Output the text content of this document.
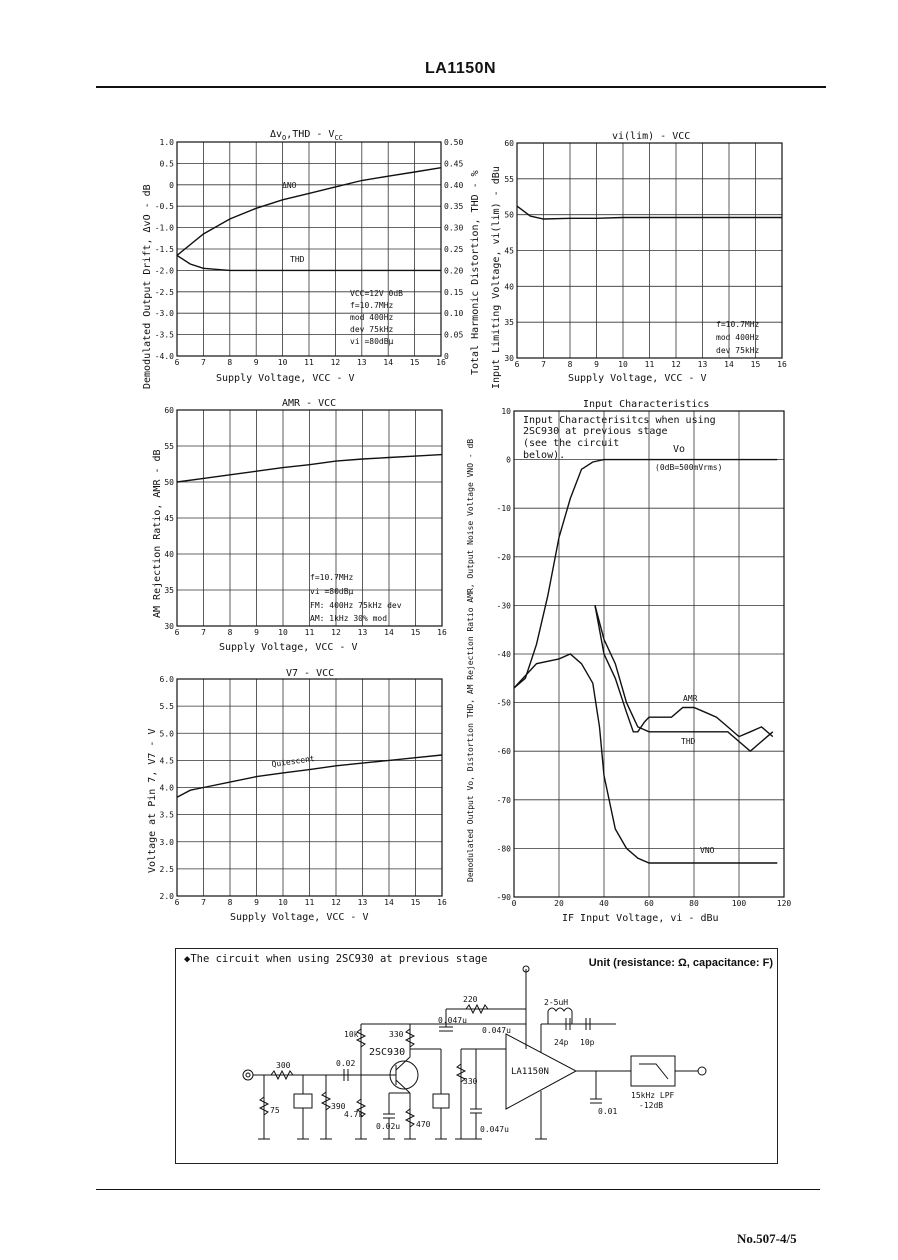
LA1150N
$\Delta v_O,THD - V_{CC}$
Demodulated Output Drift, ΔvO - dB	Total Harmonic Distortion, THD - %
Supply Voltage, VCC - V
ΔNO
THD
VCC=12V 0dB
f=10.7MHz
mod 400Hz
dev 75kHz
vi =80dBμ
6	7	8	9 10 11 12 13 14 15 16
1.0
0.5
0
-0.5
-1.0
-1.5
-2.0
-2.5
-3.0
-3.5
-4.0
0.50
0.45
0.40
0.35
0.30
0.25
0.20
0.15
0.10
0.05
0
vi(lim) - VCC
Input Limiting Voltage, vi(lim) - dBu	Supply Voltage, VCC - V
f=10.7MHz
mod 400Hz
dev 75kHz
6	7	8	9 10 11 12 13 14 15 16
60
55
50
45
40
35
30
AMR - VCC
AM Rejection Ratio, AMR - dB
Supply Voltage, VCC - V
f=10.7MHz
vi =80dBμ
FM: 400Hz 75kHz dev
AM: 1kHz 30% mod
6	7	8	9 10 11 12 13 14 15 16
60
55
50
45
40
35
30
V7 - VCC
Voltage at Pin 7, V7 - V
Supply Voltage, VCC - V
Quiescent
6	7	8	9 10 11 12 13 14 15 16
6.0
5.5
5.0
4.5
4.0
3.5
3.0
2.5
2.0
Input Characteristics
Demodulated Output Vo, Distortion THD, AM Rejection Ratio AMR, Output Noise Voltage VNO - dB
IF Input Voltage, vi - dBu
Input Characterisitcs when using
2SC930 at previous stage
(see the circuit
below).
Vo
(0dB=500mVrms)
AMR
THD
VNO
0	20	40	60	80	100	120
10
0
-10
-20
-30
-40
-50
-60
-70
-80
-90
◆The circuit when using 2SC930 at previous stage	Unit (resistance: Ω, capacitance: F)
300
75	390
4.7k
0.02u
0.02
10k	330
470
220
0.047u
0.047u
330
0.047u
2-5uH
24p 10p
0.01
2SC930
LA1150N
15kHz LPF
-12dB
No.507-4/5
